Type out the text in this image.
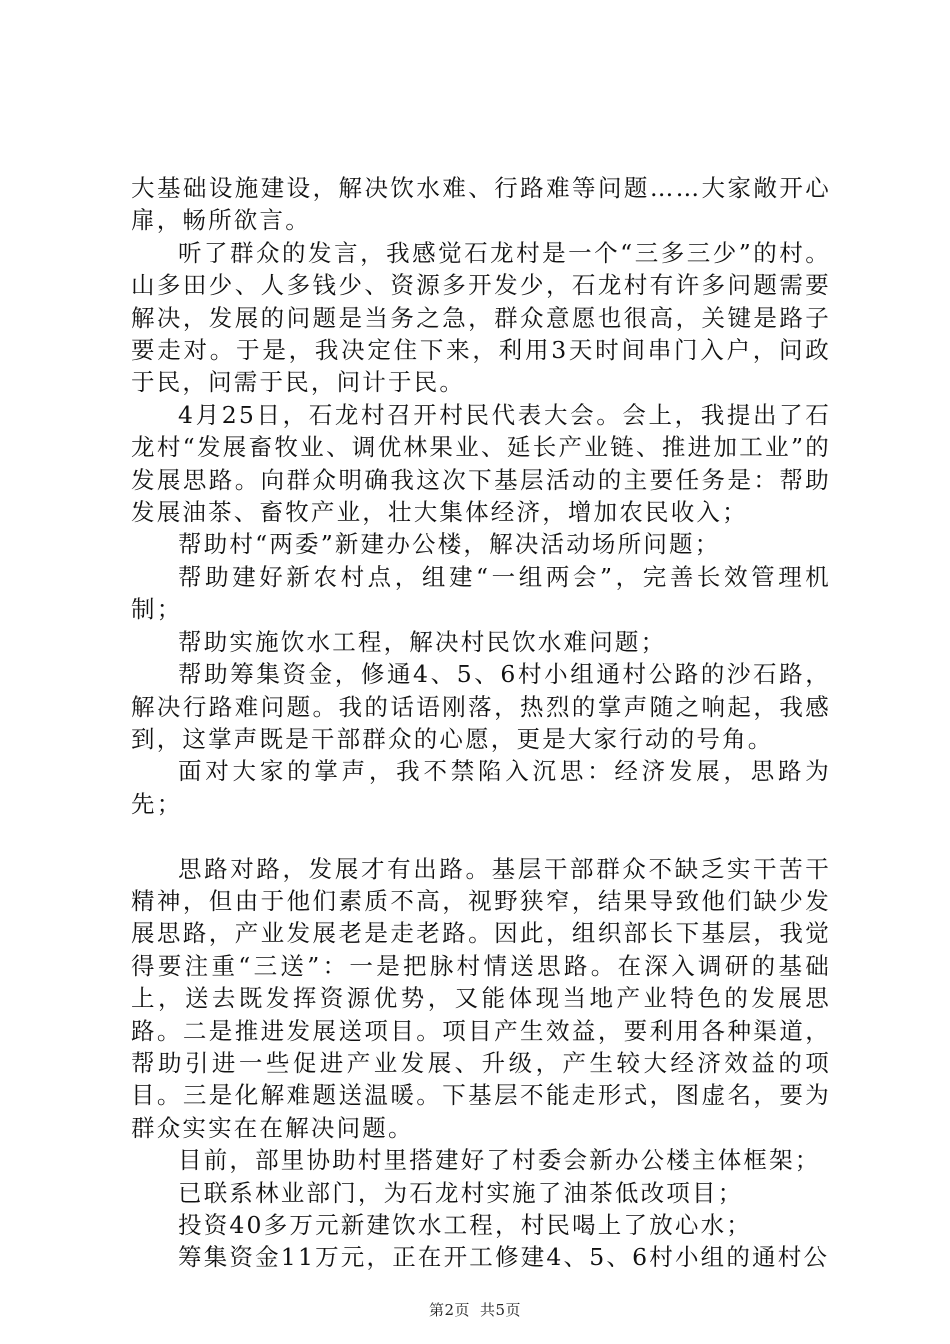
大基础设施建设，解决饮水难、行路难等问题……大家敞开心扉，畅所欲言。

听了群众的发言，我感觉石龙村是一个“三多三少”的村。山多田少、人多钱少、资源多开发少，石龙村有许多问题需要解决，发展的问题是当务之急，群众意愿也很高，关键是路子要走对。于是，我决定住下来，利用3天时间串门入户，问政于民，问需于民，问计于民。

4月25日，石龙村召开村民代表大会。会上，我提出了石龙村“发展畜牧业、调优林果业、延长产业链、推进加工业”的发展思路。向群众明确我这次下基层活动的主要任务是：帮助发展油茶、畜牧产业，壮大集体经济，增加农民收入；

帮助村“两委”新建办公楼，解决活动场所问题；

帮助建好新农村点，组建“一组两会”，完善长效管理机制；

帮助实施饮水工程，解决村民饮水难问题；

帮助筹集资金，修通4、5、6村小组通村公路的沙石路，解决行路难问题。我的话语刚落，热烈的掌声随之响起，我感到，这掌声既是干部群众的心愿，更是大家行动的号角。

面对大家的掌声，我不禁陷入沉思：经济发展，思路为先；

思路对路，发展才有出路。基层干部群众不缺乏实干苦干精神，但由于他们素质不高，视野狭窄，结果导致他们缺少发展思路，产业发展老是走老路。因此，组织部长下基层，我觉得要注重“三送”：一是把脉村情送思路。在深入调研的基础上，送去既发挥资源优势，又能体现当地产业特色的发展思路。二是推进发展送项目。项目产生效益，要利用各种渠道，帮助引进一些促进产业发展、升级，产生较大经济效益的项目。三是化解难题送温暖。下基层不能走形式，图虚名，要为群众实实在在解决问题。

目前，部里协助村里搭建好了村委会新办公楼主体框架；

已联系林业部门，为石龙村实施了油茶低改项目；

投资40多万元新建饮水工程，村民喝上了放心水；

筹集资金11万元，正在开工修建4、5、6村小组的通村公

第2页 共5页
